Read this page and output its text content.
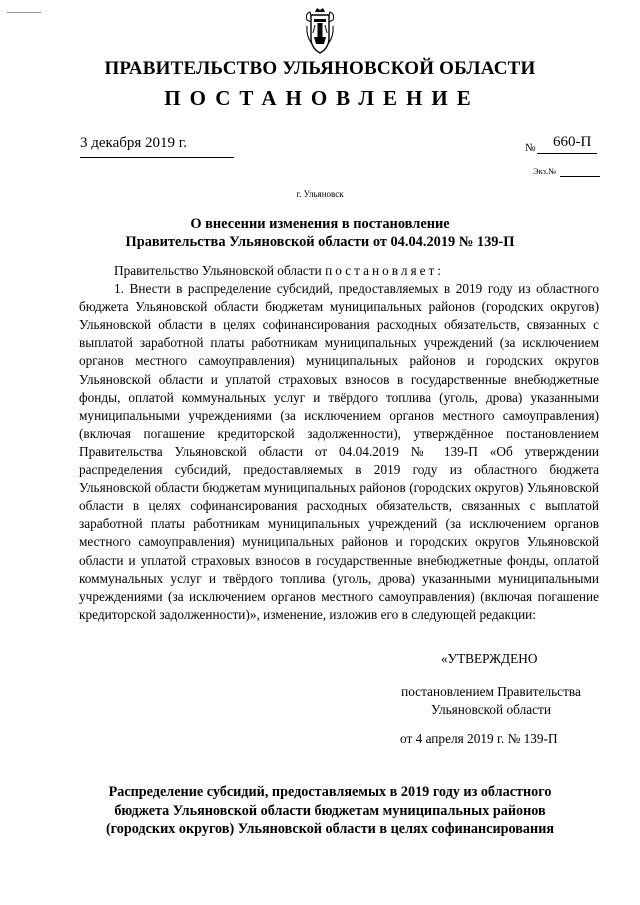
ПРАВИТЕЛЬСТВО УЛЬЯНОВСКОЙ ОБЛАСТИ
ПОСТАНОВЛЕНИЕ
3 декабря 2019 г.	№ 660-П
Экз.№
г. Ульяновск
О внесении изменения в постановление
Правительства Ульяновской области от 04.04.2019 № 139-П

Правительство Ульяновской области постановляет:

1. Внести в распределение субсидий, предоставляемых в 2019 году из областного бюджета Ульяновской области бюджетам муниципальных районов (городских округов) Ульяновской области в целях софинансирования расходных обязательств, связанных с выплатой заработной платы работникам муниципальных учреждений (за исключением органов местного самоуправления) муниципальных районов и городских округов Ульяновской области и уплатой страховых взносов в государственные внебюджетные фонды, оплатой коммунальных услуг и твёрдого топлива (уголь, дрова) указанными муниципальными учреждениями (за исключением органов местного самоуправления) (включая погашение кредиторской задолженности), утверждённое постановлением Правительства Ульяновской области от 04.04.2019 № 139-П «Об утверждении распределения субсидий, предоставляемых в 2019 году из областного бюджета Ульяновской области бюджетам муниципальных районов (городских округов) Ульяновской области в целях софинансирования расходных обязательств, связанных с выплатой заработной платы работникам муниципальных учреждений (за исключением органов местного самоуправления) муниципальных районов и городских округов Ульяновской области и уплатой страховых взносов в государственные внебюджетные фонды, оплатой коммунальных услуг и твёрдого топлива (уголь, дрова) указанными муниципальными учреждениями (за исключением органов местного самоуправления) (включая погашение кредиторской задолженности)», изменение, изложив его в следующей редакции:

«УТВЕРЖДЕНО
постановлением Правительства
Ульяновской области
от 4 апреля 2019 г. № 139-П
Распределение субсидий, предоставляемых в 2019 году из областного
бюджета Ульяновской области бюджетам муниципальных районов
(городских округов) Ульяновской области в целях софинансирования
